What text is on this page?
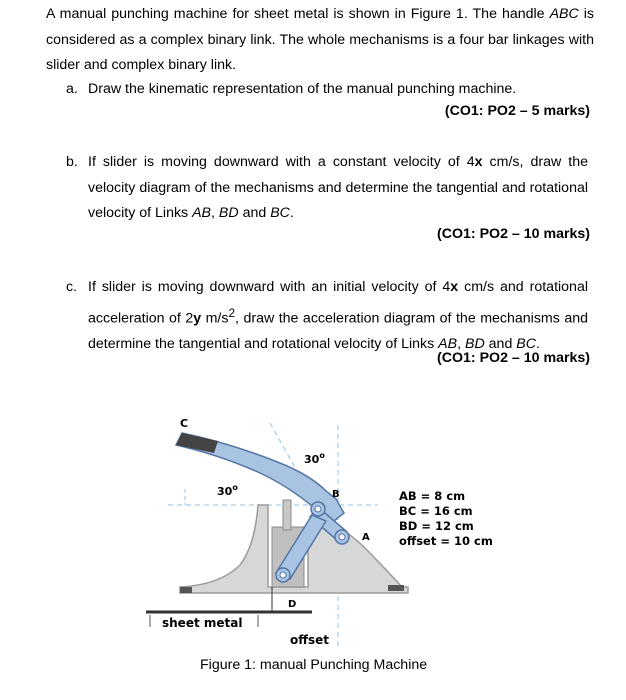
A manual punching machine for sheet metal is shown in Figure 1. The handle ABC is considered as a complex binary link. The whole mechanisms is a four bar linkages with slider and complex binary link.

a. Draw the kinematic representation of the manual punching machine.
(CO1: PO2 – 5 marks)
b. If slider is moving downward with a constant velocity of 4x cm/s, draw the velocity diagram of the mechanisms and determine the tangential and rotational velocity of Links AB, BD and BC.
(CO1: PO2 – 10 marks)
c. If slider is moving downward with an initial velocity of 4x cm/s and rotational acceleration of 2y $m/s^2$, draw the acceleration diagram of the mechanisms and determine the tangential and rotational velocity of Links AB, BD and BC.
(CO1: PO2 – 10 marks)
C
30$^o$
30$^o$
B
A
D
sheet metal
offset
AB = 8 cm
BC = 16 cm
BD = 12 cm
offset = 10 cm
Figure 1: manual Punching Machine
